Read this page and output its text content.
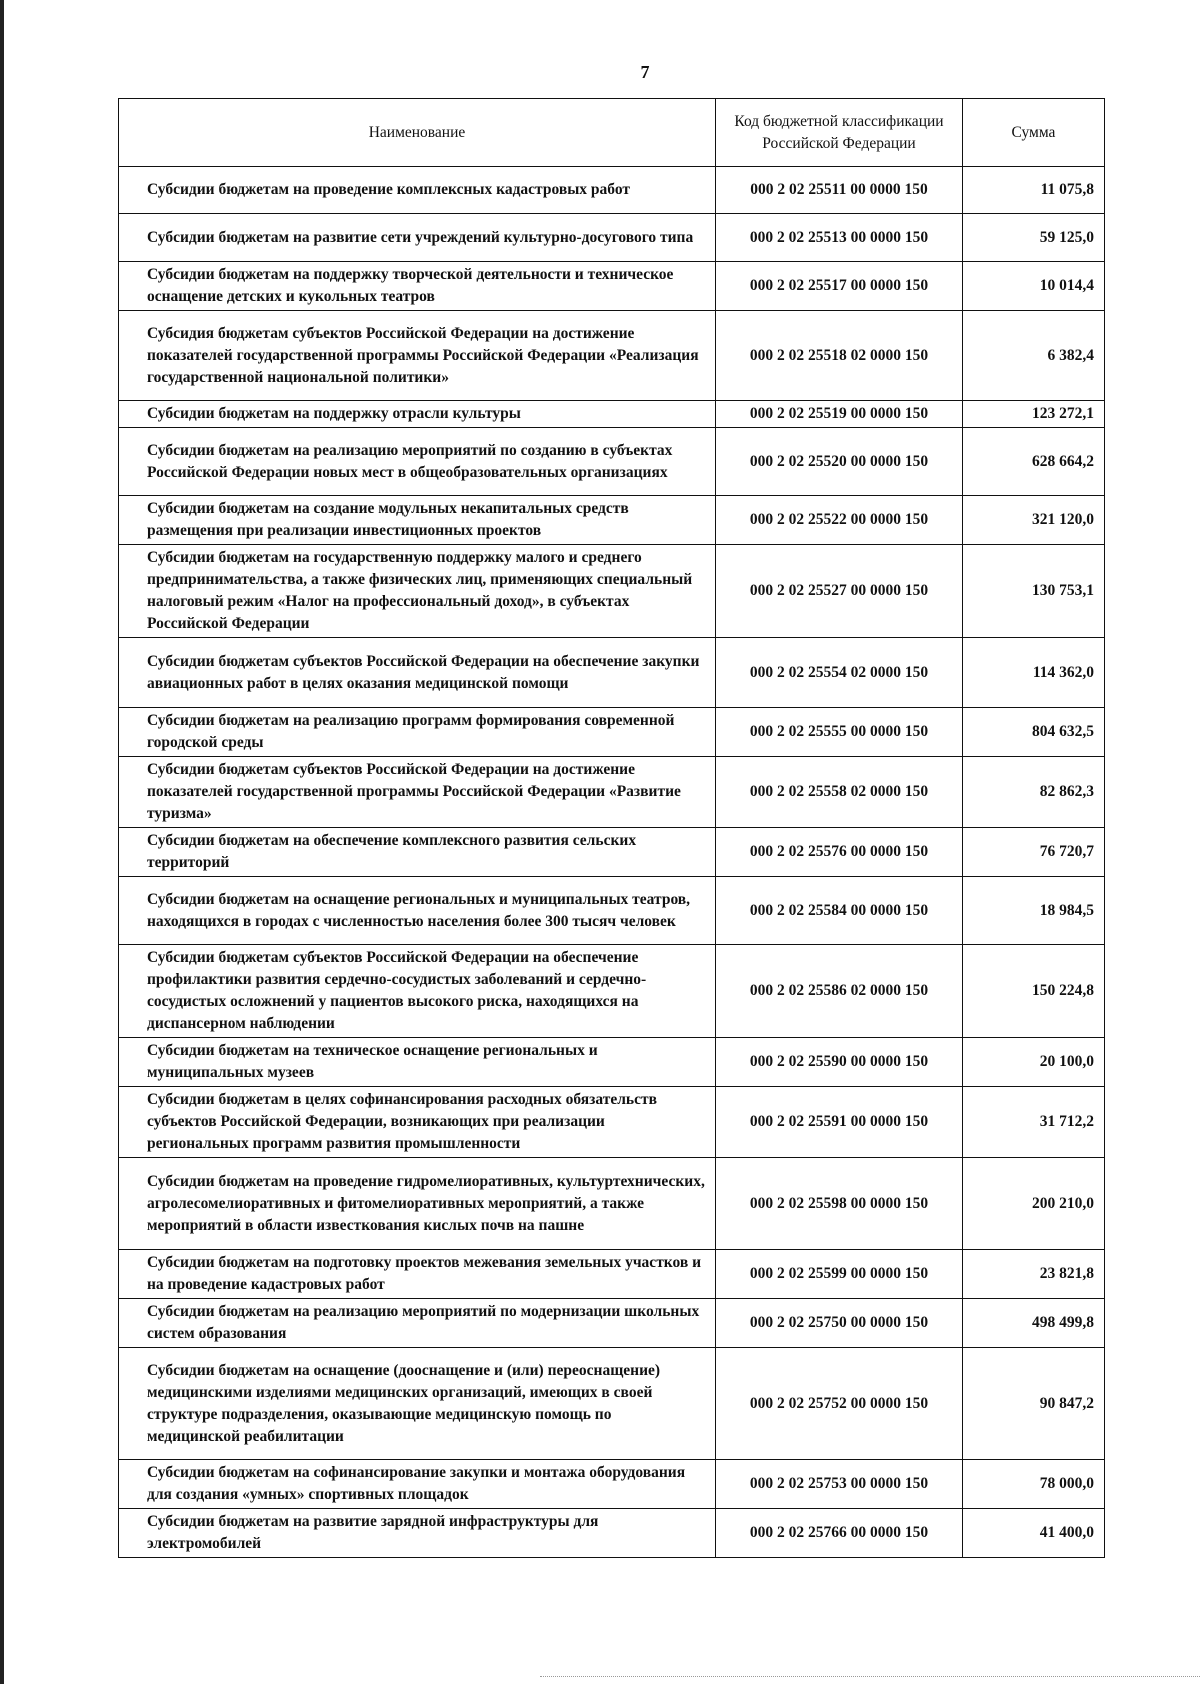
7
Наименование	Код бюджетной классификации Российской Федерации	Сумма
Субсидии бюджетам на проведение комплексных кадастровых работ	000 2 02 25511 00 0000 150	11 075,8
Субсидии бюджетам на развитие сети учреждений культурно-досугового типа	000 2 02 25513 00 0000 150	59 125,0
Субсидии бюджетам на поддержку творческой деятельности и техническое оснащение детских и кукольных театров	000 2 02 25517 00 0000 150	10 014,4
Субсидия бюджетам субъектов Российской Федерации на достижение показателей государственной программы Российской Федерации «Реализация государственной национальной политики»	000 2 02 25518 02 0000 150	6 382,4
Субсидии бюджетам на поддержку отрасли культуры	000 2 02 25519 00 0000 150	123 272,1
Субсидии бюджетам на реализацию мероприятий по созданию в субъектах Российской Федерации новых мест в общеобразовательных организациях	000 2 02 25520 00 0000 150	628 664,2
Субсидии бюджетам на создание модульных некапитальных средств размещения при реализации инвестиционных проектов	000 2 02 25522 00 0000 150	321 120,0
Субсидии бюджетам на государственную поддержку малого и среднего предпринимательства, а также физических лиц, применяющих специальный налоговый режим «Налог на профессиональный доход», в субъектах Российской Федерации	000 2 02 25527 00 0000 150	130 753,1
Субсидии бюджетам субъектов Российской Федерации на обеспечение закупки авиационных работ в целях оказания медицинской помощи	000 2 02 25554 02 0000 150	114 362,0
Субсидии бюджетам на реализацию программ формирования современной городской среды	000 2 02 25555 00 0000 150	804 632,5
Субсидии бюджетам субъектов Российской Федерации на достижение показателей государственной программы Российской Федерации «Развитие туризма»	000 2 02 25558 02 0000 150	82 862,3
Субсидии бюджетам на обеспечение комплексного развития сельских территорий	000 2 02 25576 00 0000 150	76 720,7
Субсидии бюджетам на оснащение региональных и муниципальных театров, находящихся в городах с численностью населения более 300 тысяч человек	000 2 02 25584 00 0000 150	18 984,5
Субсидии бюджетам субъектов Российской Федерации на обеспечение профилактики развития сердечно-сосудистых заболеваний и сердечно-сосудистых осложнений у пациентов высокого риска, находящихся на диспансерном наблюдении	000 2 02 25586 02 0000 150	150 224,8
Субсидии бюджетам на техническое оснащение региональных и муниципальных музеев	000 2 02 25590 00 0000 150	20 100,0
Субсидии бюджетам в целях софинансирования расходных обязательств субъектов Российской Федерации, возникающих при реализации региональных программ развития промышленности	000 2 02 25591 00 0000 150	31 712,2
Субсидии бюджетам на проведение гидромелиоративных, культуртехнических, агролесомелиоративных и фитомелиоративных мероприятий, а также мероприятий в области известкования кислых почв на пашне	000 2 02 25598 00 0000 150	200 210,0
Субсидии бюджетам на подготовку проектов межевания земельных участков и на проведение кадастровых работ	000 2 02 25599 00 0000 150	23 821,8
Субсидии бюджетам на реализацию мероприятий по модернизации школьных систем образования	000 2 02 25750 00 0000 150	498 499,8
Субсидии бюджетам на оснащение (дооснащение и (или) переоснащение) медицинскими изделиями медицинских организаций, имеющих в своей структуре подразделения, оказывающие медицинскую помощь по медицинской реабилитации	000 2 02 25752 00 0000 150	90 847,2
Субсидии бюджетам на софинансирование закупки и монтажа оборудования для создания «умных» спортивных площадок	000 2 02 25753 00 0000 150	78 000,0
Субсидии бюджетам на развитие зарядной инфраструктуры для электромобилей	000 2 02 25766 00 0000 150	41 400,0
